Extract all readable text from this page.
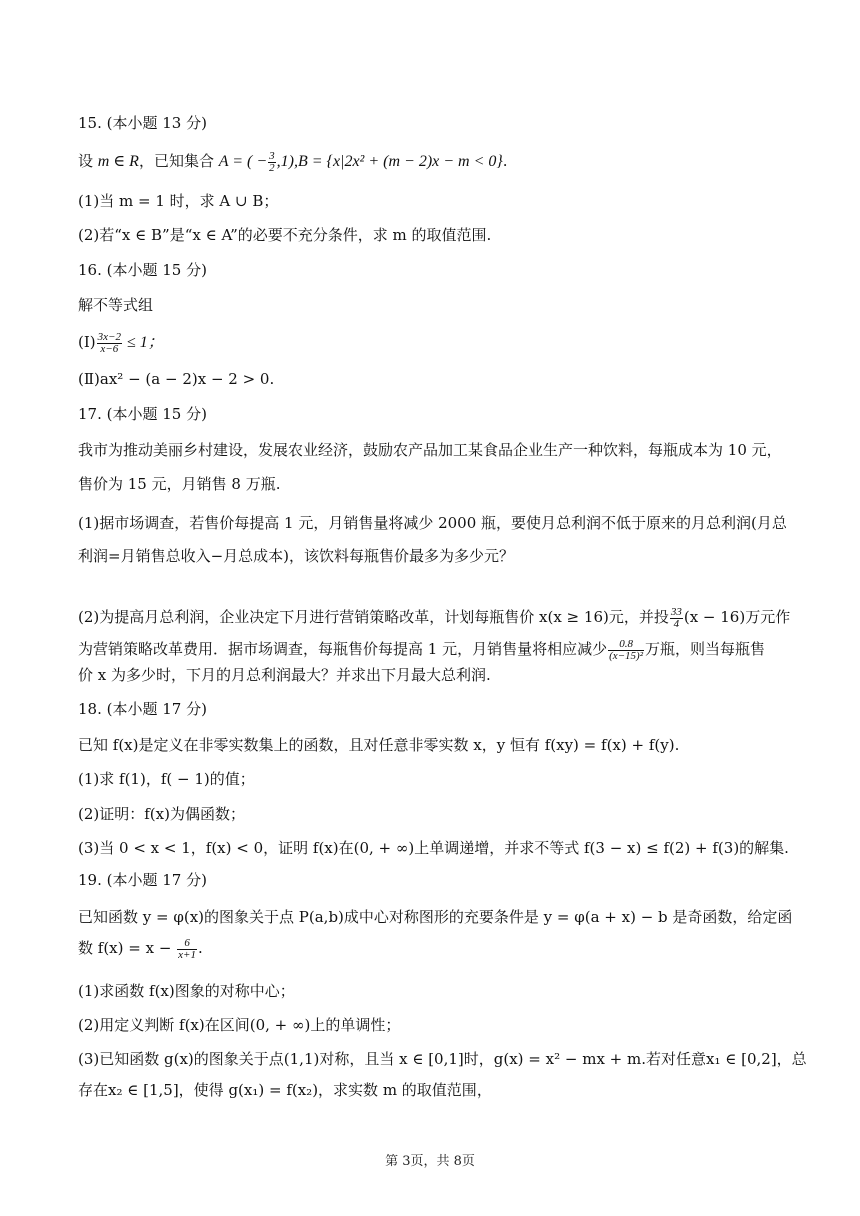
15. (本小题 13 分)
设 m ∈ R，已知集合 A = ( − $\frac{3}{2} ,1),B = \{x|2x^2 + (m - 2)x - m < 0\}$.
(1)当 m = 1 时，求 A ∪ B；
(2)若“x ∈ B”是“x ∈ A”的必要不充分条件，求 m 的取值范围.
16. (本小题 15 分)
解不等式组
(Ⅰ) $\frac{3x-2}{x-6} \le 1$；
(Ⅱ)ax² − (a − 2)x − 2 > 0.
17. (本小题 15 分)
我市为推动美丽乡村建设，发展农业经济，鼓励农产品加工某食品企业生产一种饮料，每瓶成本为 10 元，
售价为 15 元，月销售 8 万瓶.
(1)据市场调查，若售价每提高 1 元，月销售量将减少 2000 瓶，要使月总利润不低于原来的月总利润(月总
利润=月销售总收入−月总成本)，该饮料每瓶售价最多为多少元？
(2)为提高月总利润，企业决定下月进行营销策略改革，计划每瓶售价 x(x ≥ 16)元，并投 $\frac{33}{4} (x - 16)$万元作
为营销策略改革费用．据市场调查，每瓶售价每提高 1 元，月销售量将相应减少 $\frac{0.8}{\text{(x−15)²}}$ 万瓶，则当每瓶售
价 x 为多少时，下月的月总利润最大？并求出下月最大总利润.
18. (本小题 17 分)
已知 f(x)是定义在非零实数集上的函数，且对任意非零实数 x，y 恒有 f(xy) = f(x) + f(y).
(1)求 f(1)，f( − 1)的值；
(2)证明：f(x)为偶函数；
(3)当 0 < x < 1，f(x) < 0，证明 f(x)在(0, + ∞)上单调递增，并求不等式 f(3 − x) ≤ f(2) + f(3)的解集.
19. (本小题 17 分)
已知函数 y = φ(x)的图象关于点 P(a,b)成中心对称图形的充要条件是 y = φ(a + x) − b 是奇函数，给定函
数 $f(x) = x - \frac{6}{x+1}$ .
(1)求函数 f(x)图象的对称中心；
(2)用定义判断 f(x)在区间(0, + ∞)上的单调性；
(3)已知函数 g(x)的图象关于点(1,1)对称，且当 x ∈ [0,1]时，g(x) = x² − mx + m.若对任意x₁ ∈ [0,2]，总
存在x₂ ∈ [1,5]，使得 g(x₁) = f(x₂)，求实数 m 的取值范围，
第 3页，共 8页
